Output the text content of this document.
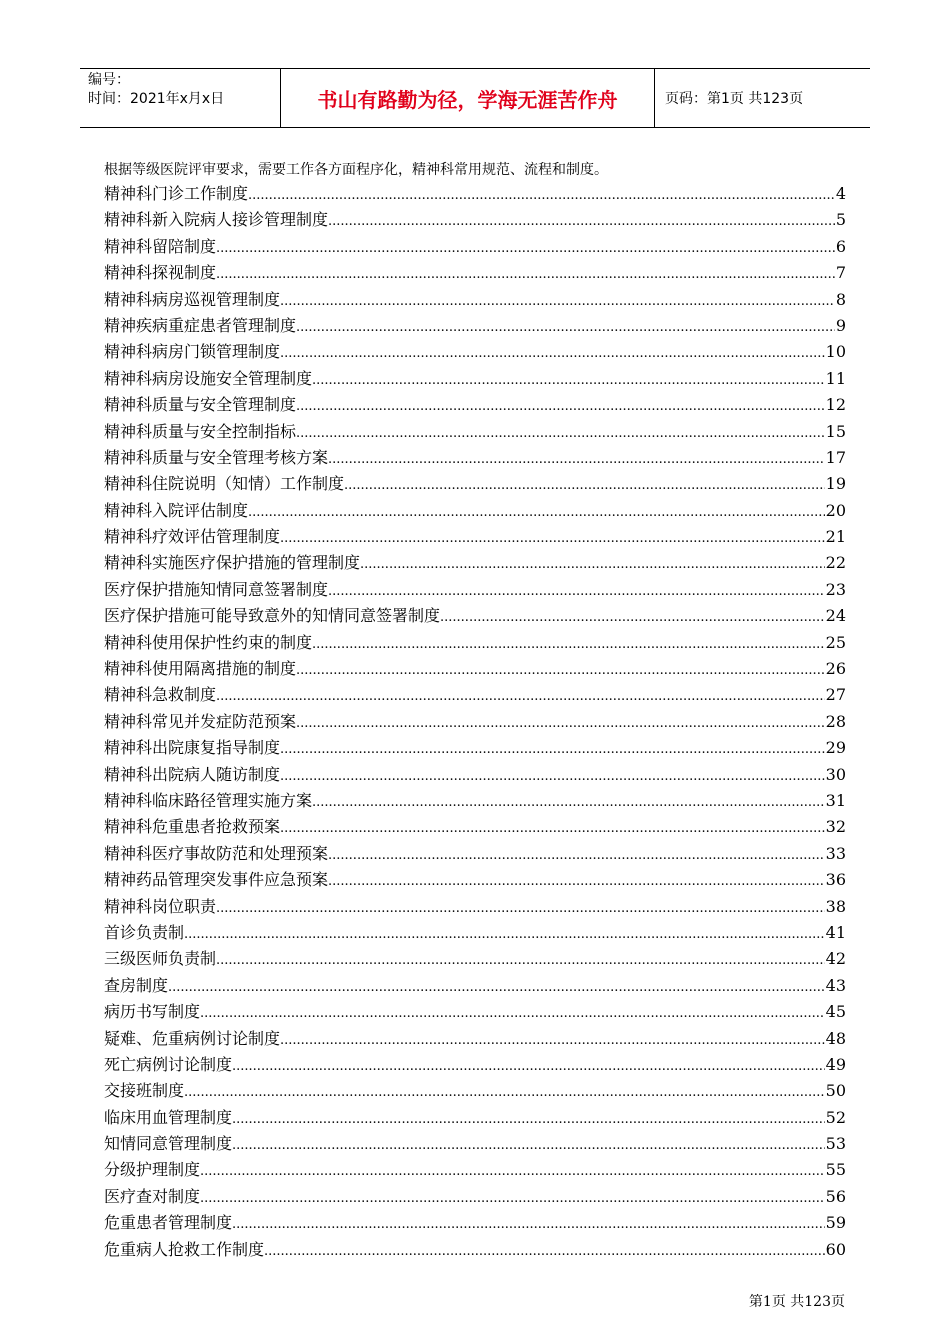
编号：
时间：2021年x月x日	书山有路勤为径，学海无涯苦作舟	页码：第1页 共123页
根据等级医院评审要求，需要工作各方面程序化，精神科常用规范、流程和制度。
精神科门诊工作制度 .....	4
精神科新入院病人接诊管理制度 .....	5
精神科留陪制度 .....	6
精神科探视制度 .....	7
精神科病房巡视管理制度 .....	8
精神疾病重症患者管理制度 .....	9
精神科病房门锁管理制度 .....	10
精神科病房设施安全管理制度 .....	11
精神科质量与安全管理制度 .....	12
精神科质量与安全控制指标 .....	15
精神科质量与安全管理考核方案 .....	17
精神科住院说明（知情）工作制度 .....	19
精神科入院评估制度 .....	20
精神科疗效评估管理制度 .....	21
精神科实施医疗保护措施的管理制度 .....	22
医疗保护措施知情同意签署制度 .....	23
医疗保护措施可能导致意外的知情同意签署制度 .....	24
精神科使用保护性约束的制度 .....	25
精神科使用隔离措施的制度 .....	26
精神科急救制度 .....	27
精神科常见并发症防范预案 .....	28
精神科出院康复指导制度 .....	29
精神科出院病人随访制度 .....	30
精神科临床路径管理实施方案 .....	31
精神科危重患者抢救预案 .....	32
精神科医疗事故防范和处理预案 .....	33
精神药品管理突发事件应急预案 .....	36
精神科岗位职责 .....	38
首诊负责制 .....	41
三级医师负责制 .....	42
查房制度 .....	43
病历书写制度 .....	45
疑难、危重病例讨论制度 .....	48
死亡病例讨论制度 .....	49
交接班制度 .....	50
临床用血管理制度 .....	52
知情同意管理制度 .....	53
分级护理制度 .....	55
医疗查对制度 .....	56
危重患者管理制度 .....	59
危重病人抢救工作制度 .....	60
第1页 共123页
